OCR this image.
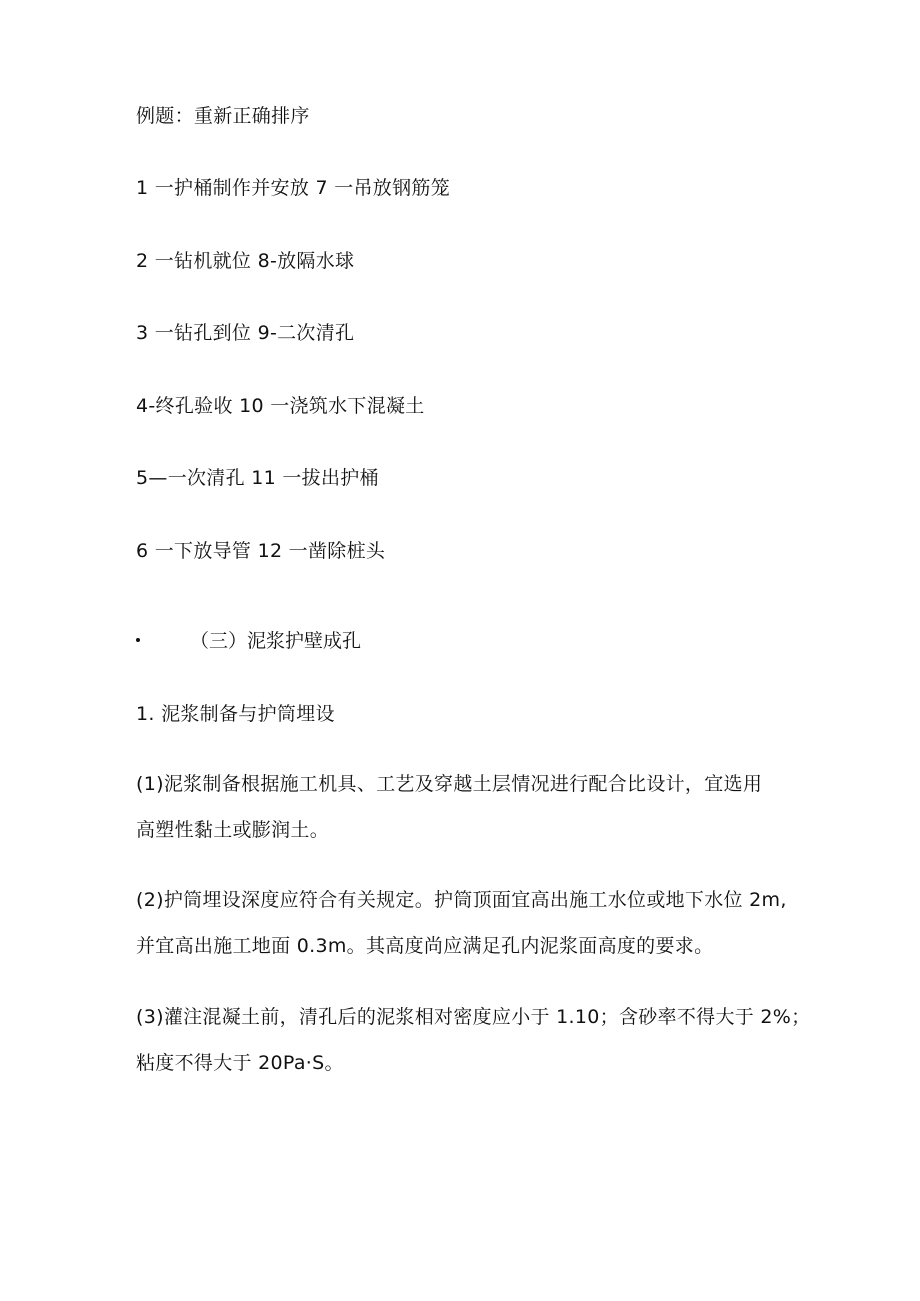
例题：重新正确排序
1 一护桶制作并安放 7 一吊放钢筋笼
2 一钻机就位 8-放隔水球
3 一钻孔到位 9-二次清孔
4-终孔验收 10 一浇筑水下混凝土
5—一次清孔 11 一拔出护桶
6 一下放导管 12 一凿除桩头
（三）泥浆护壁成孔
1. 泥浆制备与护筒埋设
(1)泥浆制备根据施工机具、工艺及穿越土层情况进行配合比设计，宜选用
高塑性黏土或膨润土。
(2)护筒埋设深度应符合有关规定。护筒顶面宜高出施工水位或地下水位 2m,
并宜高出施工地面 0.3m。其高度尚应满足孔内泥浆面高度的要求。
(3)灌注混凝土前，清孔后的泥浆相对密度应小于 1.10；含砂率不得大于 2%；
粘度不得大于 20Pa·S。
